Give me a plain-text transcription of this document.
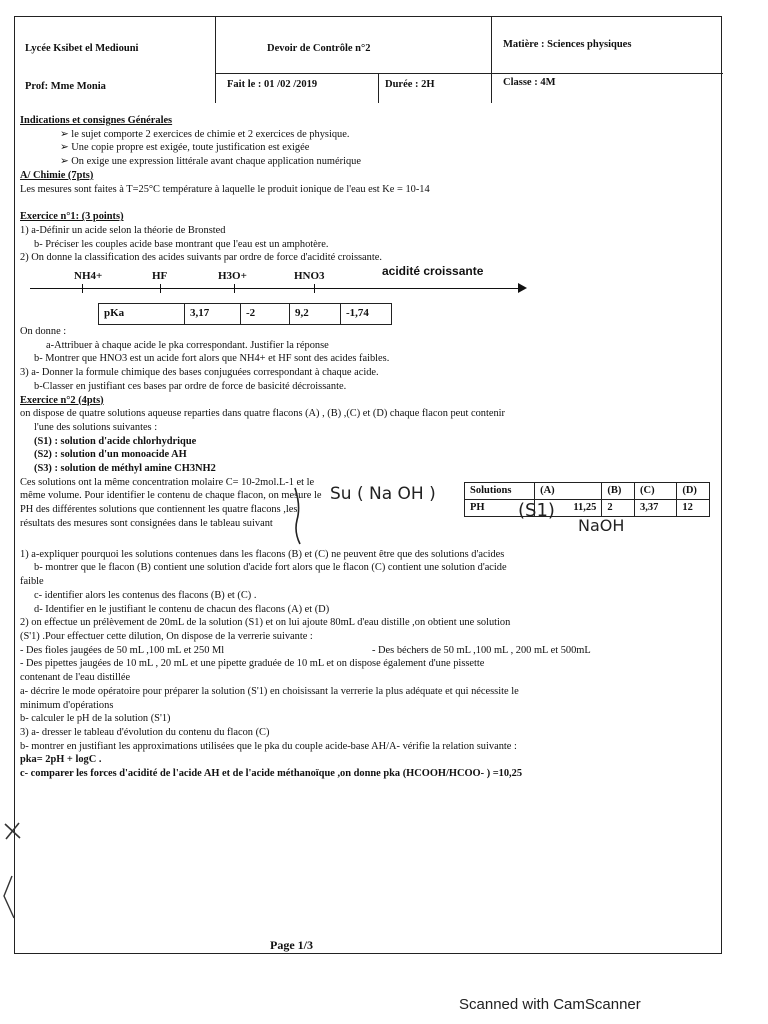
Lycée Ksibet el Mediouni
Prof: Mme Monia
Devoir de Contrôle n°2
Fait le : 01 /02 /2019	Durée : 2H
Matière : Sciences physiques
Classe : 4M
Indications et consignes Générales
➢ le sujet comporte 2 exercices de chimie et 2 exercices de physique.
➢ Une copie propre est exigée, toute justification est exigée
➢ On exige une expression littérale avant chaque application numérique
A/ Chimie (7pts)
Les mesures sont faites à T=25°C température à laquelle le produit ionique de l'eau est Ke = 10-14
Exercice n°1: (3 points)
1) a-Définir un acide selon la théorie de Bronsted
b- Préciser les couples acide base montrant que l'eau est un amphotère.
2) On donne la classification des acides suivants par ordre de force d'acidité croissante.
NH4+	HF	H3O+	HNO3	acidité croissante
pKa	3,17	-2	9,2	-1,74
On donne :
a-Attribuer à chaque acide le pka correspondant. Justifier la réponse
b- Montrer que HNO3 est un acide fort alors que NH4+ et HF sont des acides faibles.
3) a- Donner la formule chimique des bases conjuguées correspondant à chaque acide.
b-Classer en justifiant ces bases par ordre de force de basicité décroissante.
Exercice n°2 (4pts)
on dispose de quatre solutions aqueuse reparties dans quatre flacons (A) , (B) ,(C) et (D) chaque flacon peut contenir
l'une des solutions suivantes :
(S1) : solution d'acide chlorhydrique
(S2) : solution d'un monoacide AH
(S3) : solution de méthyl amine CH3NH2
Ces solutions ont la même concentration molaire C= 10-2mol.L-1 et le
même volume. Pour identifier le contenu de chaque flacon, on mesure le
PH des différentes solutions que contiennent les quatre flacons ,les
résultats des mesures sont consignées dans le tableau suivant
Solutions	(A)	(B)	(C)	(D)
PH	11,25	2	3,37	12
1) a-expliquer pourquoi les solutions contenues dans les flacons (B) et (C) ne peuvent être que des solutions d'acides
b- montrer que le flacon (B) contient une solution d'acide fort alors que le flacon (C) contient une solution d'acide
faible
c- identifier alors les contenus des flacons (B) et (C) .
d- Identifier en le justifiant le contenu de chacun des flacons (A) et (D)
2) on effectue un prélèvement de 20mL de la solution (S1) et on lui ajoute 80mL d'eau distille ,on obtient une solution
(S'1) .Pour effectuer cette dilution, On dispose de la verrerie suivante :
- Des fioles jaugées de 50 mL ,100 mL et 250 Ml	- Des béchers de 50 mL ,100 mL , 200 mL et 500mL
- Des pipettes jaugées de 10 mL , 20 mL et une pipette graduée de 10 mL et on dispose également d'une pissette
contenant de l'eau distillée
a- décrire le mode opératoire pour préparer la solution (S'1) en choisissant la verrerie la plus adéquate et qui nécessite le
minimum d'opérations
b- calculer le pH de la solution (S'1)
3) a- dresser le tableau d'évolution du contenu du flacon (C)
b- montrer en justifiant les approximations utilisées que le pka du couple acide-base AH/A- vérifie la relation suivante :
pka= 2pH + logC .
c- comparer les forces d'acidité de l'acide AH et de l'acide méthanoïque ,on donne pka (HCOOH/HCOO- ) =10,25
Su ( Na OH )
(S1)
NaOH
Page 1/3
Scanned with CamScanner
